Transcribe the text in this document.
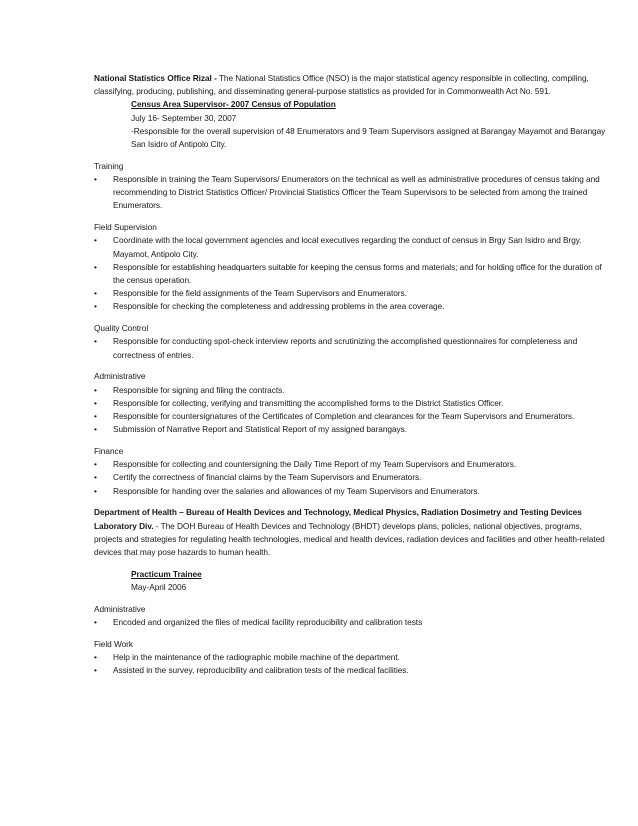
National Statistics Office Rizal - The National Statistics Office (NSO) is the major statistical agency responsible in collecting, compiling, classifying, producing, publishing, and disseminating general-purpose statistics as provided for in Commonwealth Act No. 591.

Census Area Supervisor- 2007 Census of Population
July 16- September 30, 2007
-Responsible for the overall supervision of 48 Enumerators and 9 Team Supervisors assigned at Barangay Mayamot and Barangay San Isidro of Antipolo City.

Training

• Responsible in training the Team Supervisors/ Enumerators on the technical as well as administrative procedures of census taking and recommending to District Statistics Officer/ Provincial Statistics Officer the Team Supervisors to be selected from among the trained Enumerators.

Field Supervision

• Coordinate with the local government agencies and local executives regarding the conduct of census in Brgy San Isidro and Brgy. Mayamot, Antipolo City.
• Responsible for establishing headquarters suitable for keeping the census forms and materials; and for holding office for the duration of the census operation.
• Responsible for the field assignments of the Team Supervisors and Enumerators.
• Responsible for checking the completeness and addressing problems in the area coverage.

Quality Control

• Responsible for conducting spot-check interview reports and scrutinizing the accomplished questionnaires for completeness and correctness of entries.

Administrative

• Responsible for signing and filing the contracts.
• Responsible for collecting, verifying and transmitting the accomplished forms to the District Statistics Officer.
• Responsible for countersignatures of the Certificates of Completion and clearances for the Team Supervisors and Enumerators.
• Submission of Narrative Report and Statistical Report of my assigned barangays.

Finance

• Responsible for collecting and countersigning the Daily Time Report of my Team Supervisors and Enumerators.
• Certify the correctness of financial claims by the Team Supervisors and Enumerators.
• Responsible for handing over the salaries and allowances of my Team Supervisors and Enumerators.

Department of Health – Bureau of Health Devices and Technology, Medical Physics, Radiation Dosimetry and Testing Devices Laboratory Div. - The DOH Bureau of Health Devices and Technology (BHDT) develops plans, policies, national objectives, programs, projects and strategies for regulating health technologies, medical and health devices, radiation devices and facilities and other health-related devices that may pose hazards to human health.

Practicum Trainee
May-April 2006

Administrative

• Encoded and organized the files of medical facility reproducibility and calibration tests

Field Work

• Help in the maintenance of the radiographic mobile machine of the department.
• Assisted in the survey, reproducibility and calibration tests of the medical facilities.
